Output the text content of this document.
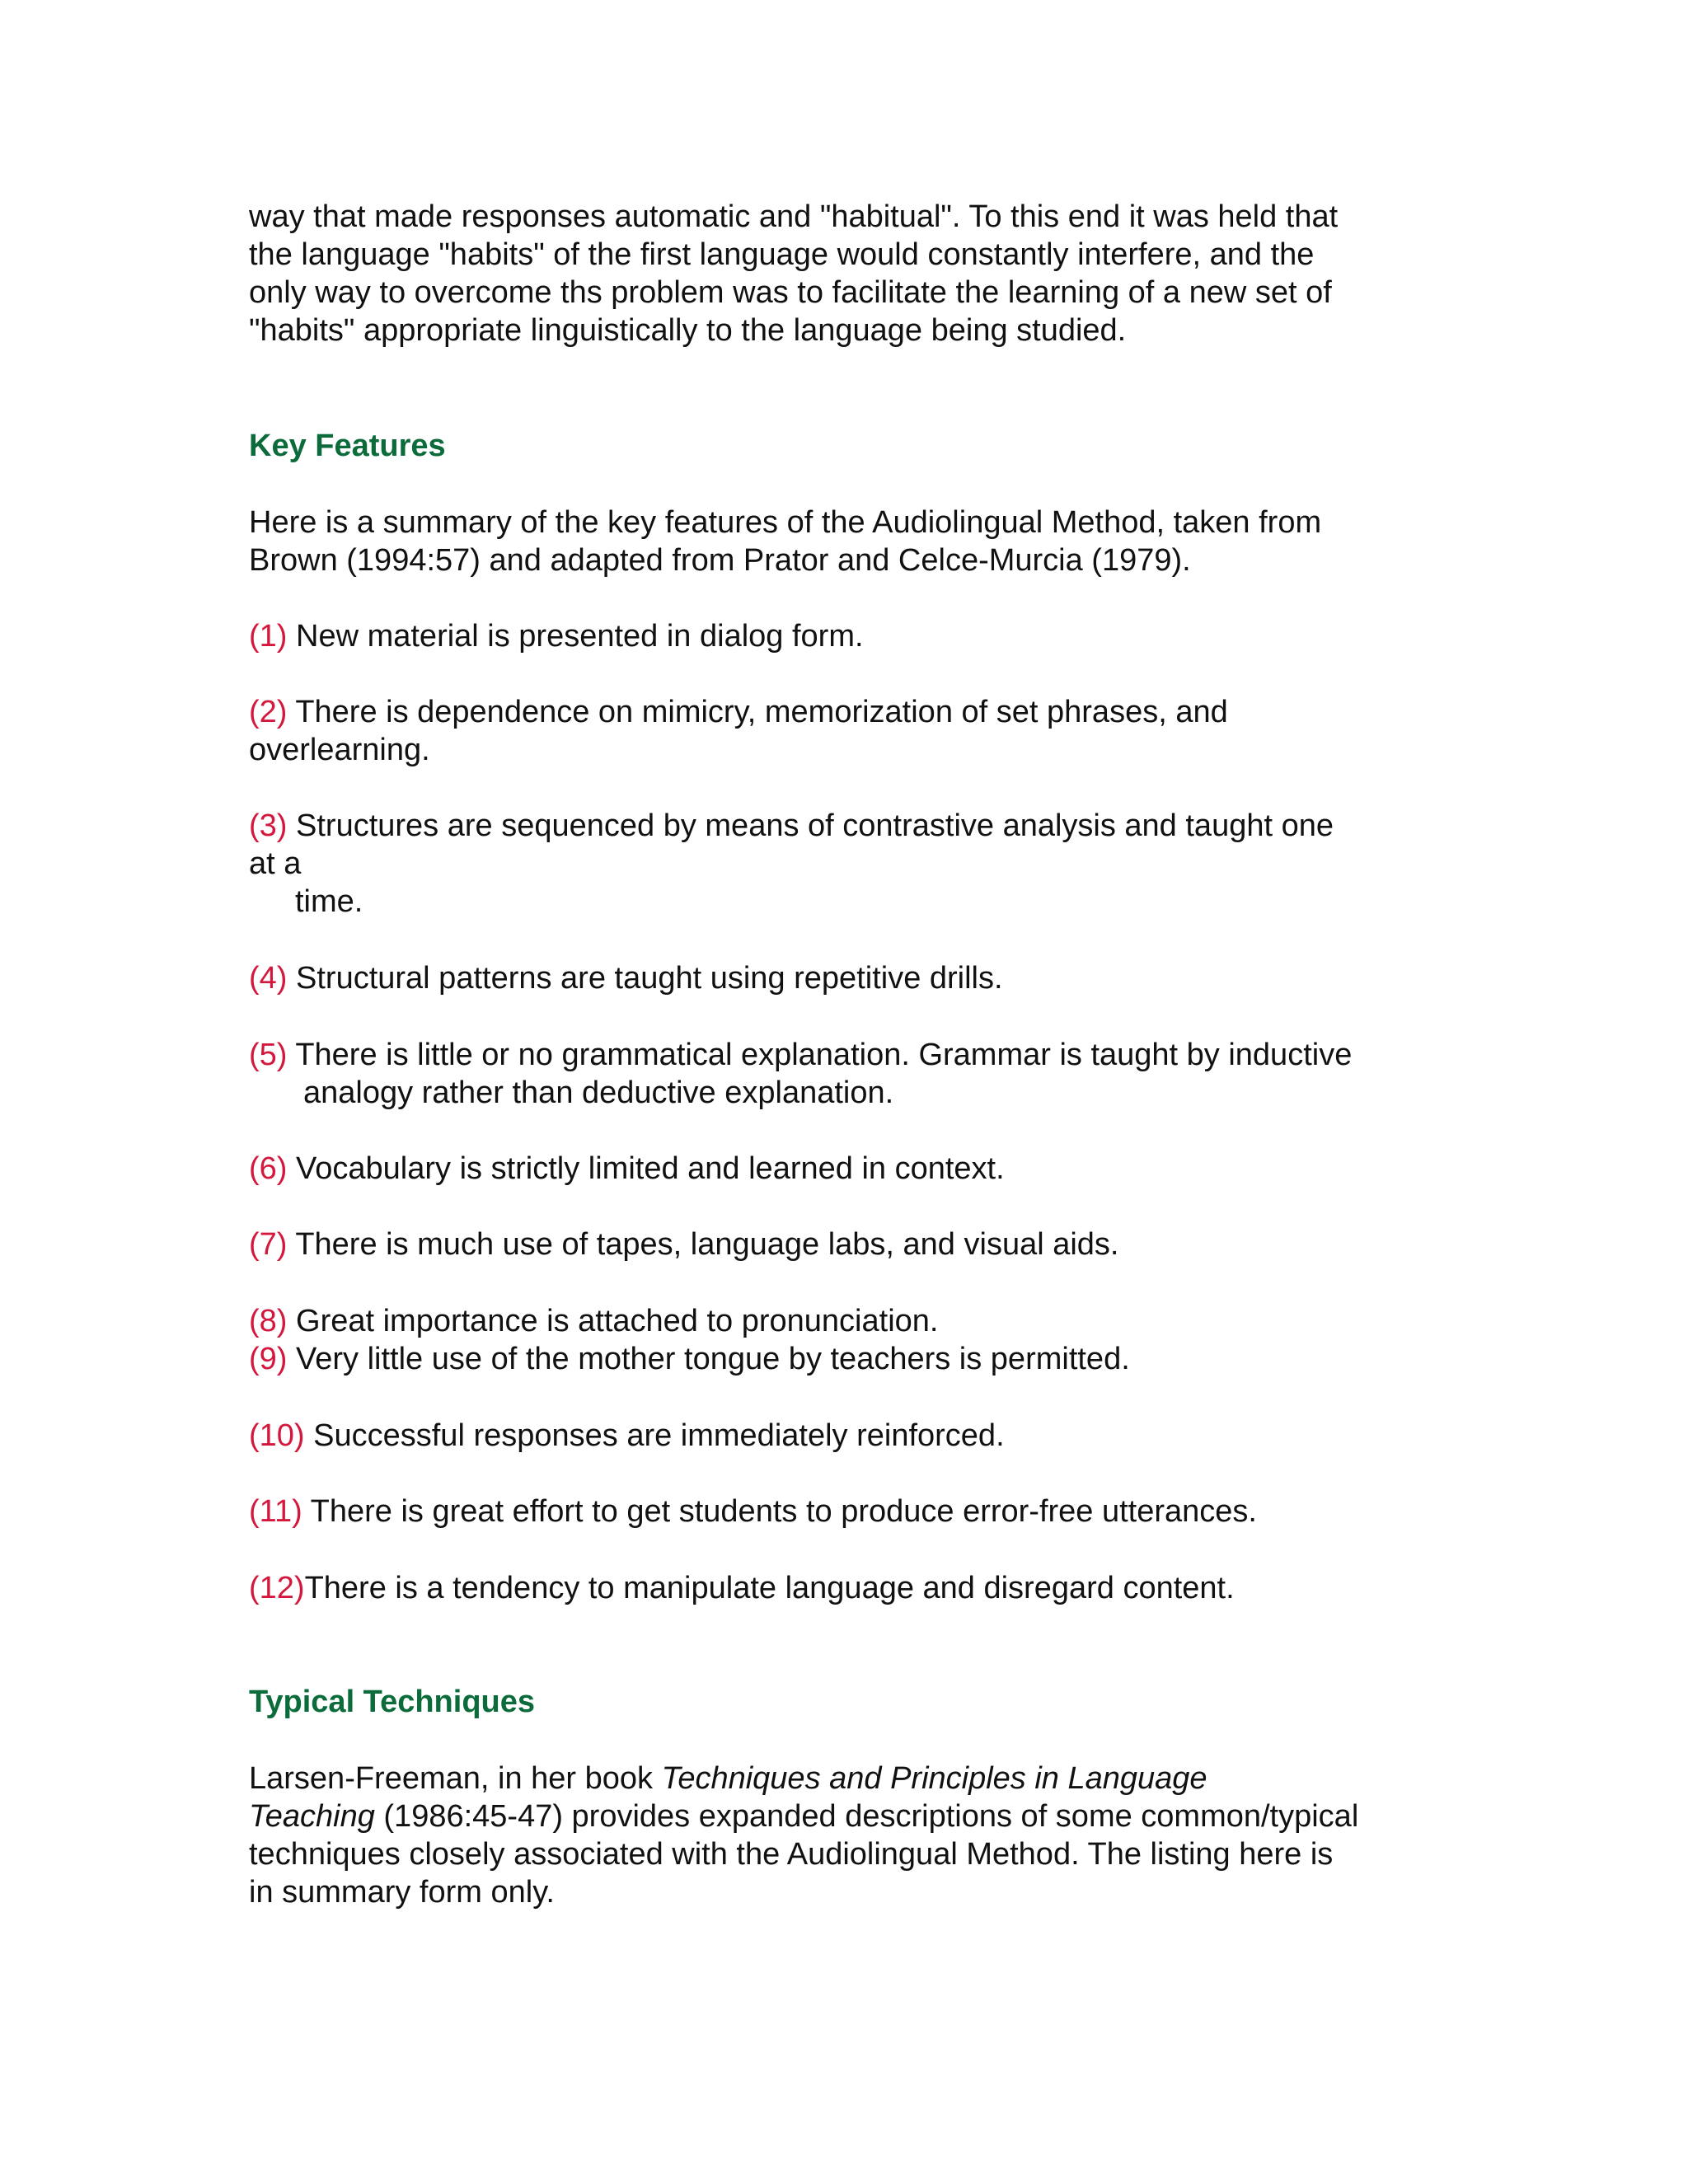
way that made responses automatic and "habitual". To this end it was held that
the language "habits" of the first language would constantly interfere, and the
only way to overcome ths problem was to facilitate the learning of a new set of
"habits" appropriate linguistically to the language being studied.

Key Features

Here is a summary of the key features of the Audiolingual Method, taken from
Brown (1994:57) and adapted from Prator and Celce-Murcia (1979).

(1) New material is presented in dialog form.

(2) There is dependence on mimicry, memorization of set phrases, and
overlearning.

(3) Structures are sequenced by means of contrastive analysis and taught one
at a
time.

(4) Structural patterns are taught using repetitive drills.

(5) There is little or no grammatical explanation. Grammar is taught by inductive
analogy rather than deductive explanation.

(6) Vocabulary is strictly limited and learned in context.

(7) There is much use of tapes, language labs, and visual aids.

(8) Great importance is attached to pronunciation.

(9) Very little use of the mother tongue by teachers is permitted.

(10) Successful responses are immediately reinforced.

(11) There is great effort to get students to produce error-free utterances.

(12)There is a tendency to manipulate language and disregard content.

Typical Techniques

Larsen-Freeman, in her book Techniques and Principles in Language
Teaching (1986:45-47) provides expanded descriptions of some common/typical
techniques closely associated with the Audiolingual Method. The listing here is
in summary form only.
